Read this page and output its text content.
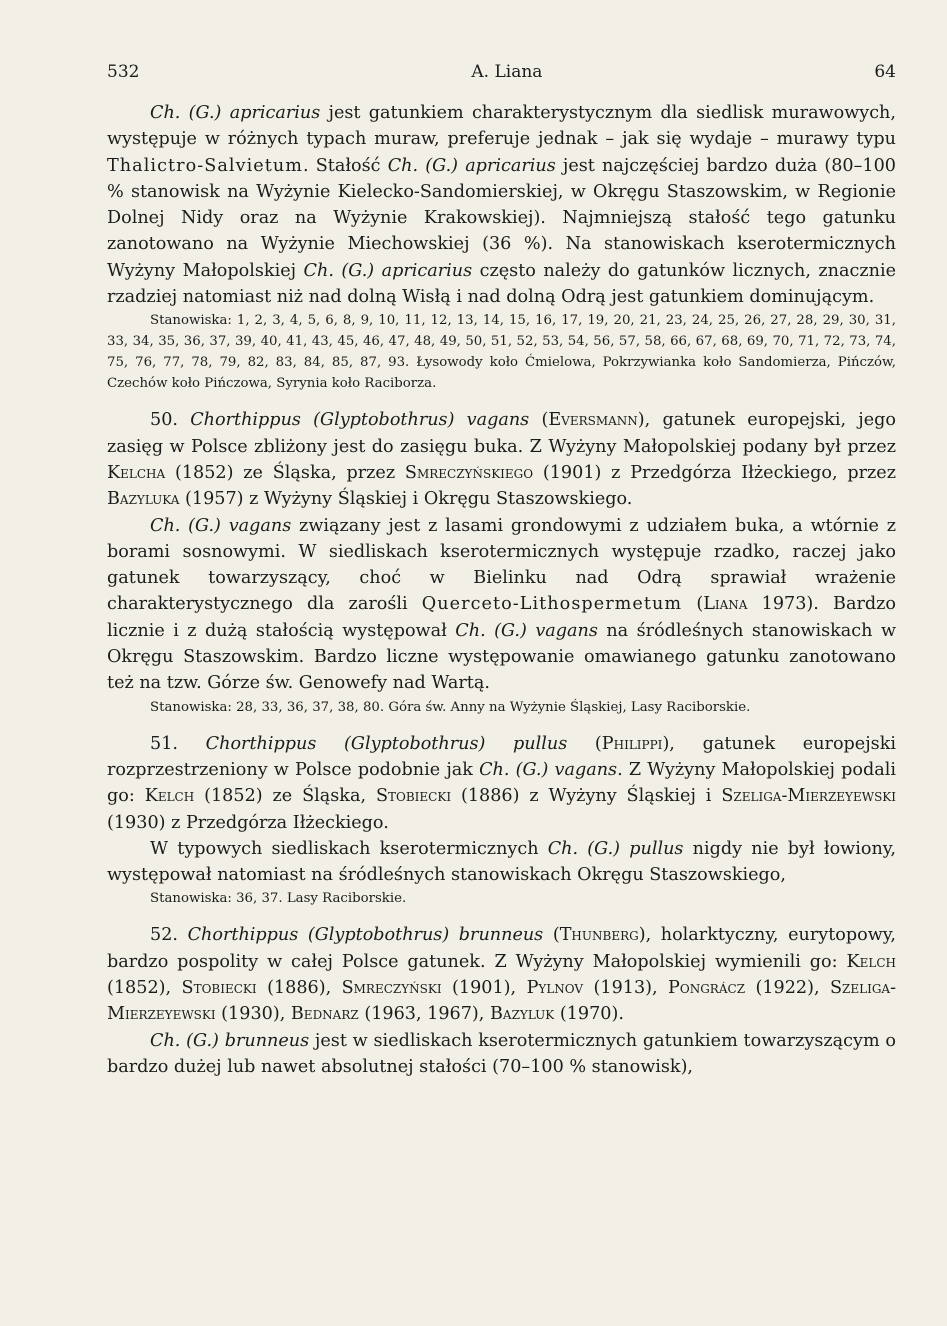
532	A. Liana	64

Ch. (G.) apricarius jest gatunkiem charakterystycznym dla siedlisk murawowych, występuje w różnych typach muraw, preferuje jednak – jak się wydaje – murawy typu Thalictro-Salvietum. Stałość Ch. (G.) apricarius jest najczęściej bardzo duża (80–100 % stanowisk na Wyżynie Kielecko-Sandomierskiej, w Okręgu Staszowskim, w Regionie Dolnej Nidy oraz na Wyżynie Krakowskiej). Najmniejszą stałość tego gatunku zanotowano na Wyżynie Miechowskiej (36 %). Na stanowiskach kserotermicznych Wyżyny Małopolskiej Ch. (G.) apricarius często należy do gatunków licznych, znacznie rzadziej natomiast niż nad dolną Wisłą i nad dolną Odrą jest gatunkiem dominującym.

Stanowiska: 1, 2, 3, 4, 5, 6, 8, 9, 10, 11, 12, 13, 14, 15, 16, 17, 19, 20, 21, 23, 24, 25, 26, 27, 28, 29, 30, 31, 33, 34, 35, 36, 37, 39, 40, 41, 43, 45, 46, 47, 48, 49, 50, 51, 52, 53, 54, 56, 57, 58, 66, 67, 68, 69, 70, 71, 72, 73, 74, 75, 76, 77, 78, 79, 82, 83, 84, 85, 87, 93. Łysowody koło Ćmielowa, Pokrzywianka koło Sandomierza, Pińczów, Czechów koło Pińczowa, Syrynia koło Raciborza.

50. Chorthippus (Glyptobothrus) vagans (Eversmann), gatunek europejski, jego zasięg w Polsce zbliżony jest do zasięgu buka. Z Wyżyny Małopolskiej podany był przez Kelcha (1852) ze Śląska, przez Smreczyńskiego (1901) z Przedgórza Iłżeckiego, przez Bazyluka (1957) z Wyżyny Śląskiej i Okręgu Staszowskiego.

Ch. (G.) vagans związany jest z lasami grondowymi z udziałem buka, a wtórnie z borami sosnowymi. W siedliskach kserotermicznych występuje rzadko, raczej jako gatunek towarzyszący, choć w Bielinku nad Odrą sprawiał wrażenie charakterystycznego dla zarośli Querceto-Lithospermetum (Liana 1973). Bardzo licznie i z dużą stałością występował Ch. (G.) vagans na śródleśnych stanowiskach w Okręgu Staszowskim. Bardzo liczne występowanie omawianego gatunku zanotowano też na tzw. Górze św. Genowefy nad Wartą.

Stanowiska: 28, 33, 36, 37, 38, 80. Góra św. Anny na Wyżynie Śląskiej, Lasy Raciborskie.

51. Chorthippus (Glyptobothrus) pullus (Philippi), gatunek europejski rozprzestrzeniony w Polsce podobnie jak Ch. (G.) vagans. Z Wyżyny Małopolskiej podali go: Kelch (1852) ze Śląska, Stobiecki (1886) z Wyżyny Śląskiej i Szeliga-Mierzeyewski (1930) z Przedgórza Iłżeckiego.

W typowych siedliskach kserotermicznych Ch. (G.) pullus nigdy nie był łowiony, występował natomiast na śródleśnych stanowiskach Okręgu Staszowskiego,

Stanowiska: 36, 37. Lasy Raciborskie.

52. Chorthippus (Glyptobothrus) brunneus (Thunberg), holarktyczny, eurytopowy, bardzo pospolity w całej Polsce gatunek. Z Wyżyny Małopolskiej wymienili go: Kelch (1852), Stobiecki (1886), Smreczyński (1901), Pylnov (1913), Pongrácz (1922), Szeliga-Mierzeyewski (1930), Bednarz (1963, 1967), Bazyluk (1970).

Ch. (G.) brunneus jest w siedliskach kserotermicznych gatunkiem towarzyszącym o bardzo dużej lub nawet absolutnej stałości (70–100 % stanowisk),
